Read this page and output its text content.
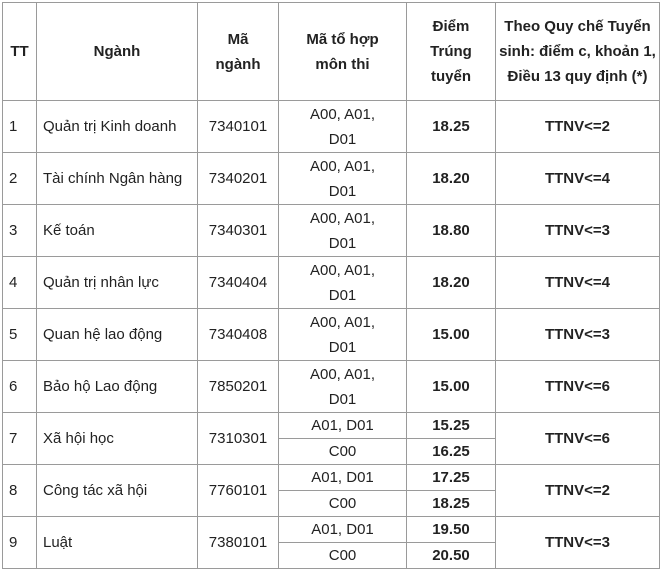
TT	Ngành	Mã ngành	Mã tổ hợp môn thi	Điểm Trúng tuyển	Theo Quy chế Tuyển sinh: điểm c, khoản 1, Điều 13 quy định (*)
1	Quản trị Kinh doanh	7340101	A00, A01, D01	18.25	TTNV<=2
2	Tài chính Ngân hàng	7340201	A00, A01, D01	18.20	TTNV<=4
3	Kế toán	7340301	A00, A01, D01	18.80	TTNV<=3
4	Quản trị nhân lực	7340404	A00, A01, D01	18.20	TTNV<=4
5	Quan hệ lao động	7340408	A00, A01, D01	15.00	TTNV<=3
6	Bảo hộ Lao động	7850201	A00, A01, D01	15.00	TTNV<=6
7	Xã hội học	7310301	A01, D01	15.25	TTNV<=6
			C00	16.25	
8	Công tác xã hội	7760101	A01, D01	17.25	TTNV<=2
			C00	18.25	
9	Luật	7380101	A01, D01	19.50	TTNV<=3
			C00	20.50	
